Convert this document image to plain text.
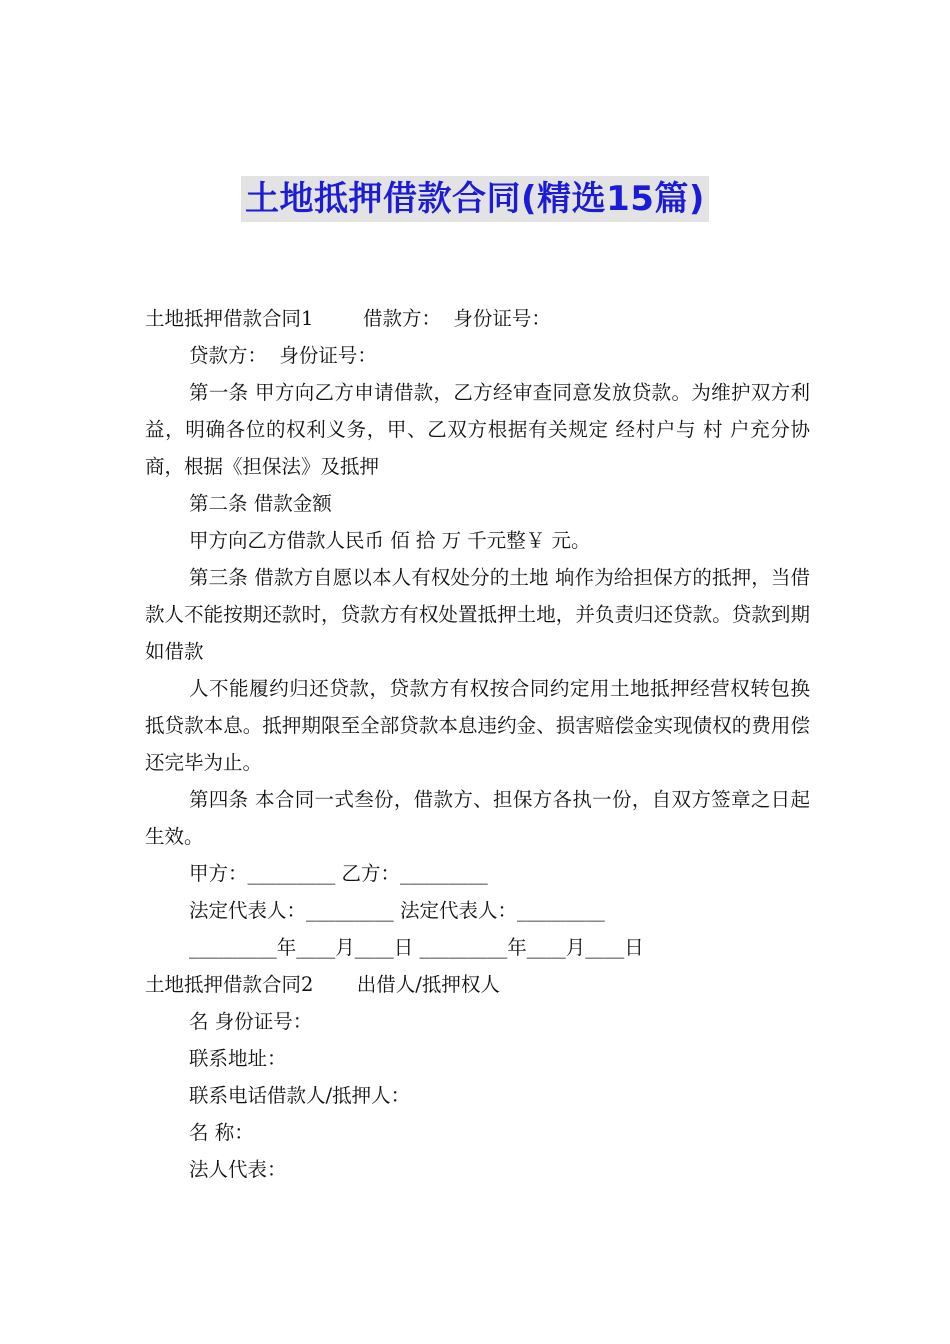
土地抵押借款合同(精选15篇)

土地抵押借款合同1        借款方：  身份证号：

贷款方：  身份证号：

第一条 甲方向乙方申请借款，乙方经审查同意发放贷款。为维护双方利益，明确各位的权利义务，甲、乙双方根据有关规定 经村户与 村 户充分协商，根据《担保法》及抵押

第二条 借款金额

甲方向乙方借款人民币 佰 拾 万 千元整￥ 元。

第三条 借款方自愿以本人有权处分的土地 垧作为给担保方的抵押，当借款人不能按期还款时，贷款方有权处置抵押土地，并负责归还贷款。贷款到期如借款

人不能履约归还贷款，贷款方有权按合同约定用土地抵押经营权转包换抵贷款本息。抵押期限至全部贷款本息违约金、损害赔偿金实现债权的费用偿还完毕为止。

第四条 本合同一式叁份，借款方、担保方各执一份，自双方签章之日起生效。

甲方：_________ 乙方：_________

法定代表人：_________ 法定代表人：_________

_________年____月____日 _________年____月____日

土地抵押借款合同2       出借人/抵押权人

名 身份证号：

联系地址：

联系电话借款人/抵押人：

名 称：

法人代表：
